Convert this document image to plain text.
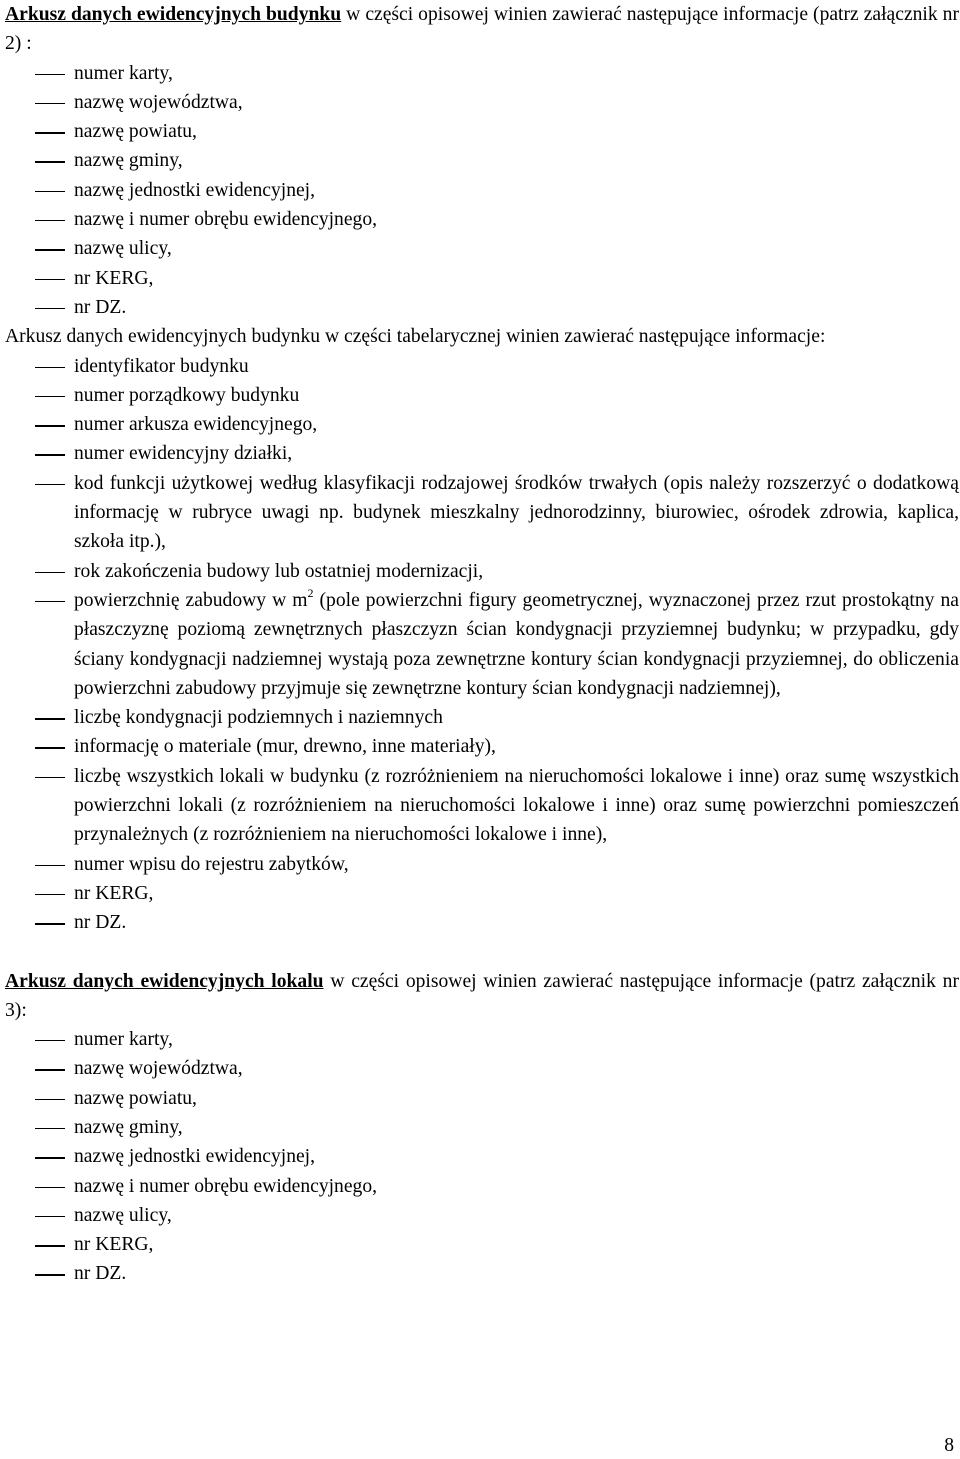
Arkusz danych ewidencyjnych budynku w części opisowej winien zawierać następujące informacje (patrz załącznik nr 2) :

numer karty,
nazwę województwa,
nazwę powiatu,
nazwę gminy,
nazwę jednostki ewidencyjnej,
nazwę i numer obrębu ewidencyjnego,
nazwę ulicy,
nr KERG,
nr DZ.

Arkusz danych ewidencyjnych budynku w części tabelarycznej winien zawierać następujące informacje:

identyfikator budynku
numer porządkowy budynku
numer arkusza ewidencyjnego,
numer ewidencyjny działki,
kod funkcji użytkowej według klasyfikacji rodzajowej środków trwałych (opis należy rozszerzyć o dodatkową informację w rubryce uwagi np. budynek mieszkalny jednorodzinny, biurowiec, ośrodek zdrowia, kaplica, szkoła itp.),
rok zakończenia budowy lub ostatniej modernizacji,
powierzchnię zabudowy w $m^2$ (pole powierzchni figury geometrycznej, wyznaczonej przez rzut prostokątny na płaszczyznę poziomą zewnętrznych płaszczyzn ścian kondygnacji przyziemnej budynku; w przypadku, gdy ściany kondygnacji nadziemnej wystają poza zewnętrzne kontury ścian kondygnacji przyziemnej, do obliczenia powierzchni zabudowy przyjmuje się zewnętrzne kontury ścian kondygnacji nadziemnej),
liczbę kondygnacji podziemnych i naziemnych
informację o materiale (mur, drewno, inne materiały),
liczbę wszystkich lokali w budynku (z rozróżnieniem na nieruchomości lokalowe i inne) oraz sumę wszystkich powierzchni lokali (z rozróżnieniem na nieruchomości lokalowe i inne) oraz sumę powierzchni pomieszczeń przynależnych (z rozróżnieniem na nieruchomości lokalowe i inne),
numer wpisu do rejestru zabytków,
nr KERG,
nr DZ.

Arkusz danych ewidencyjnych lokalu w części opisowej winien zawierać następujące informacje (patrz załącznik nr 3):

numer karty,
nazwę województwa,
nazwę powiatu,
nazwę gminy,
nazwę jednostki ewidencyjnej,
nazwę i numer obrębu ewidencyjnego,
nazwę ulicy,
nr KERG,
nr DZ.
8
